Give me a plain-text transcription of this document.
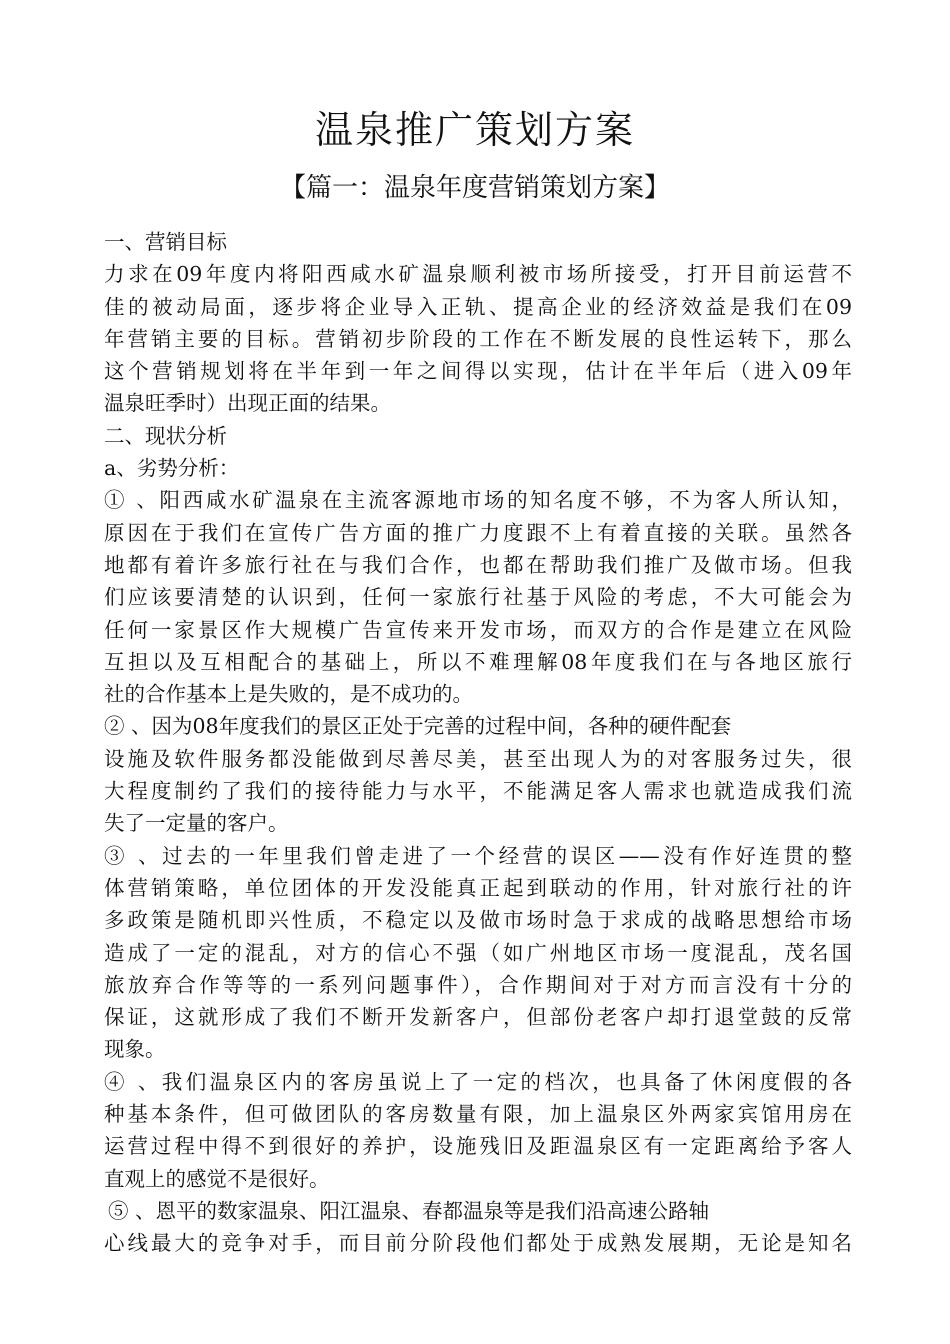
温泉推广策划方案
【篇一：温泉年度营销策划方案】
一、营销目标
力求在09年度内将阳西咸水矿温泉顺利被市场所接受，打开目前运营不
佳的被动局面，逐步将企业导入正轨、提高企业的经济效益是我们在09
年营销主要的目标。营销初步阶段的工作在不断发展的良性运转下，那么
这个营销规划将在半年到一年之间得以实现，估计在半年后（进入09年
温泉旺季时）出现正面的结果。
二、现状分析
a、劣势分析：
① 、阳西咸水矿温泉在主流客源地市场的知名度不够，不为客人所认知，
原因在于我们在宣传广告方面的推广力度跟不上有着直接的关联。虽然各
地都有着许多旅行社在与我们合作，也都在帮助我们推广及做市场。但我
们应该要清楚的认识到，任何一家旅行社基于风险的考虑，不大可能会为
任何一家景区作大规模广告宣传来开发市场，而双方的合作是建立在风险
互担以及互相配合的基础上，所以不难理解08年度我们在与各地区旅行
社的合作基本上是失败的，是不成功的。
② 、因为08年度我们的景区正处于完善的过程中间，各种的硬件配套
设施及软件服务都没能做到尽善尽美，甚至出现人为的对客服务过失，很
大程度制约了我们的接待能力与水平，不能满足客人需求也就造成我们流
失了一定量的客户。
③ 、过去的一年里我们曾走进了一个经营的误区——没有作好连贯的整
体营销策略，单位团体的开发没能真正起到联动的作用，针对旅行社的许
多政策是随机即兴性质，不稳定以及做市场时急于求成的战略思想给市场
造成了一定的混乱，对方的信心不强（如广州地区市场一度混乱，茂名国
旅放弃合作等等的一系列问题事件），合作期间对于对方而言没有十分的
保证，这就形成了我们不断开发新客户，但部份老客户却打退堂鼓的反常
现象。
④ 、我们温泉区内的客房虽说上了一定的档次，也具备了休闲度假的各
种基本条件，但可做团队的客房数量有限，加上温泉区外两家宾馆用房在
运营过程中得不到很好的养护，设施残旧及距温泉区有一定距离给予客人
直观上的感觉不是很好。
⑤ 、恩平的数家温泉、阳江温泉、春都温泉等是我们沿高速公路轴
心线最大的竞争对手，而目前分阶段他们都处于成熟发展期，无论是知名
